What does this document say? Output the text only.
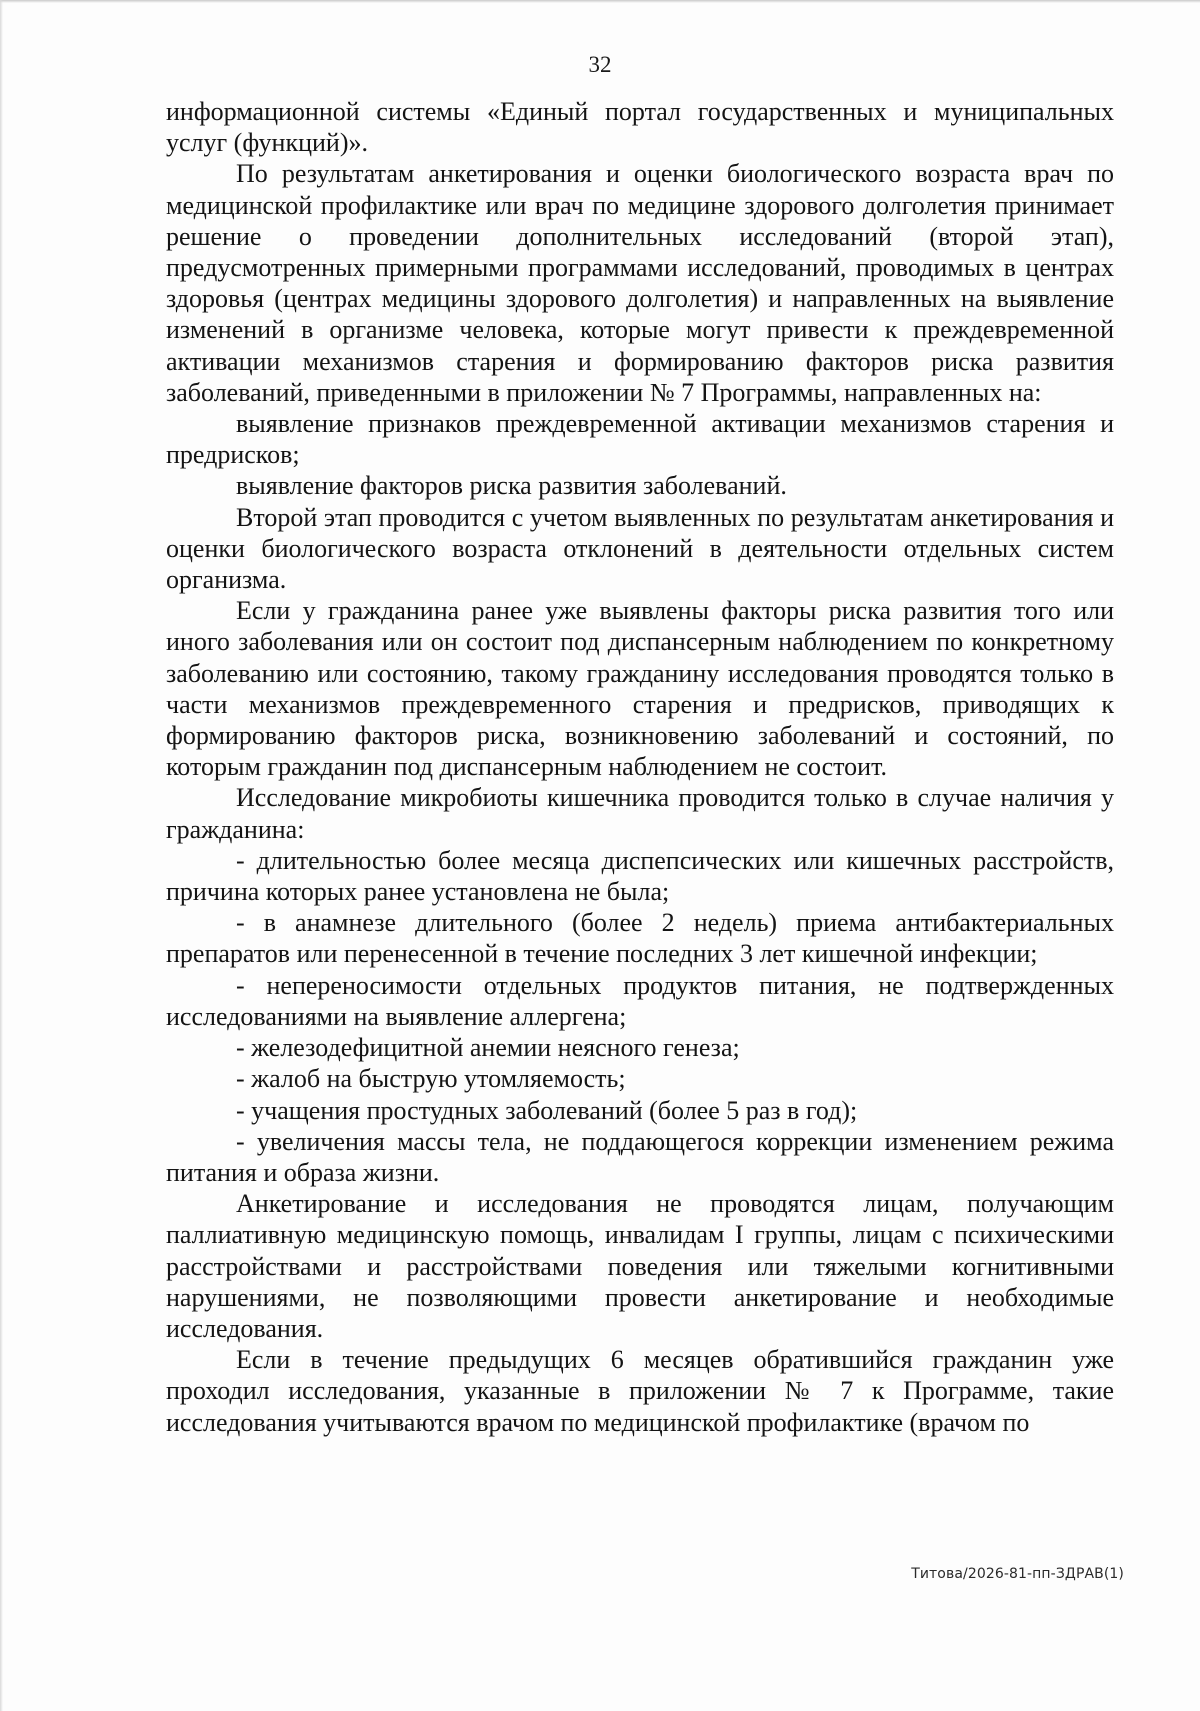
32

информационной системы «Единый портал государственных и муниципальных услуг (функций)».

По результатам анкетирования и оценки биологического возраста врач по медицинской профилактике или врач по медицине здорового долголетия принимает решение о проведении дополнительных исследований (второй этап), предусмотренных примерными программами исследований, проводимых в центрах здоровья (центрах медицины здорового долголетия) и направленных на выявление изменений в организме человека, которые могут привести к преждевременной активации механизмов старения и формированию факторов риска развития заболеваний, приведенными в приложении № 7 Программы, направленных на:

выявление признаков преждевременной активации механизмов старения и предрисков;

выявление факторов риска развития заболеваний.

Второй этап проводится с учетом выявленных по результатам анкетирования и оценки биологического возраста отклонений в деятельности отдельных систем организма.

Если у гражданина ранее уже выявлены факторы риска развития того или иного заболевания или он состоит под диспансерным наблюдением по конкретному заболеванию или состоянию, такому гражданину исследования проводятся только в части механизмов преждевременного старения и предрисков, приводящих к формированию факторов риска, возникновению заболеваний и состояний, по которым гражданин под диспансерным наблюдением не состоит.

Исследование микробиоты кишечника проводится только в случае наличия у гражданина:

- длительностью более месяца диспепсических или кишечных расстройств, причина которых ранее установлена не была;

- в анамнезе длительного (более 2 недель) приема антибактериальных препаратов или перенесенной в течение последних 3 лет кишечной инфекции;

- непереносимости отдельных продуктов питания, не подтвержденных исследованиями на выявление аллергена;

- железодефицитной анемии неясного генеза;

- жалоб на быструю утомляемость;

- учащения простудных заболеваний (более 5 раз в год);

- увеличения массы тела, не поддающегося коррекции изменением режима питания и образа жизни.

Анкетирование и исследования не проводятся лицам, получающим паллиативную медицинскую помощь, инвалидам I группы, лицам с психическими расстройствами и расстройствами поведения или тяжелыми когнитивными нарушениями, не позволяющими провести анкетирование и необходимые исследования.

Если в течение предыдущих 6 месяцев обратившийся гражданин уже проходил исследования, указанные в приложении № 7 к Программе, такие исследования учитываются врачом по медицинской профилактике (врачом по

Титова/2026-81-пп-ЗДРАВ(1)
